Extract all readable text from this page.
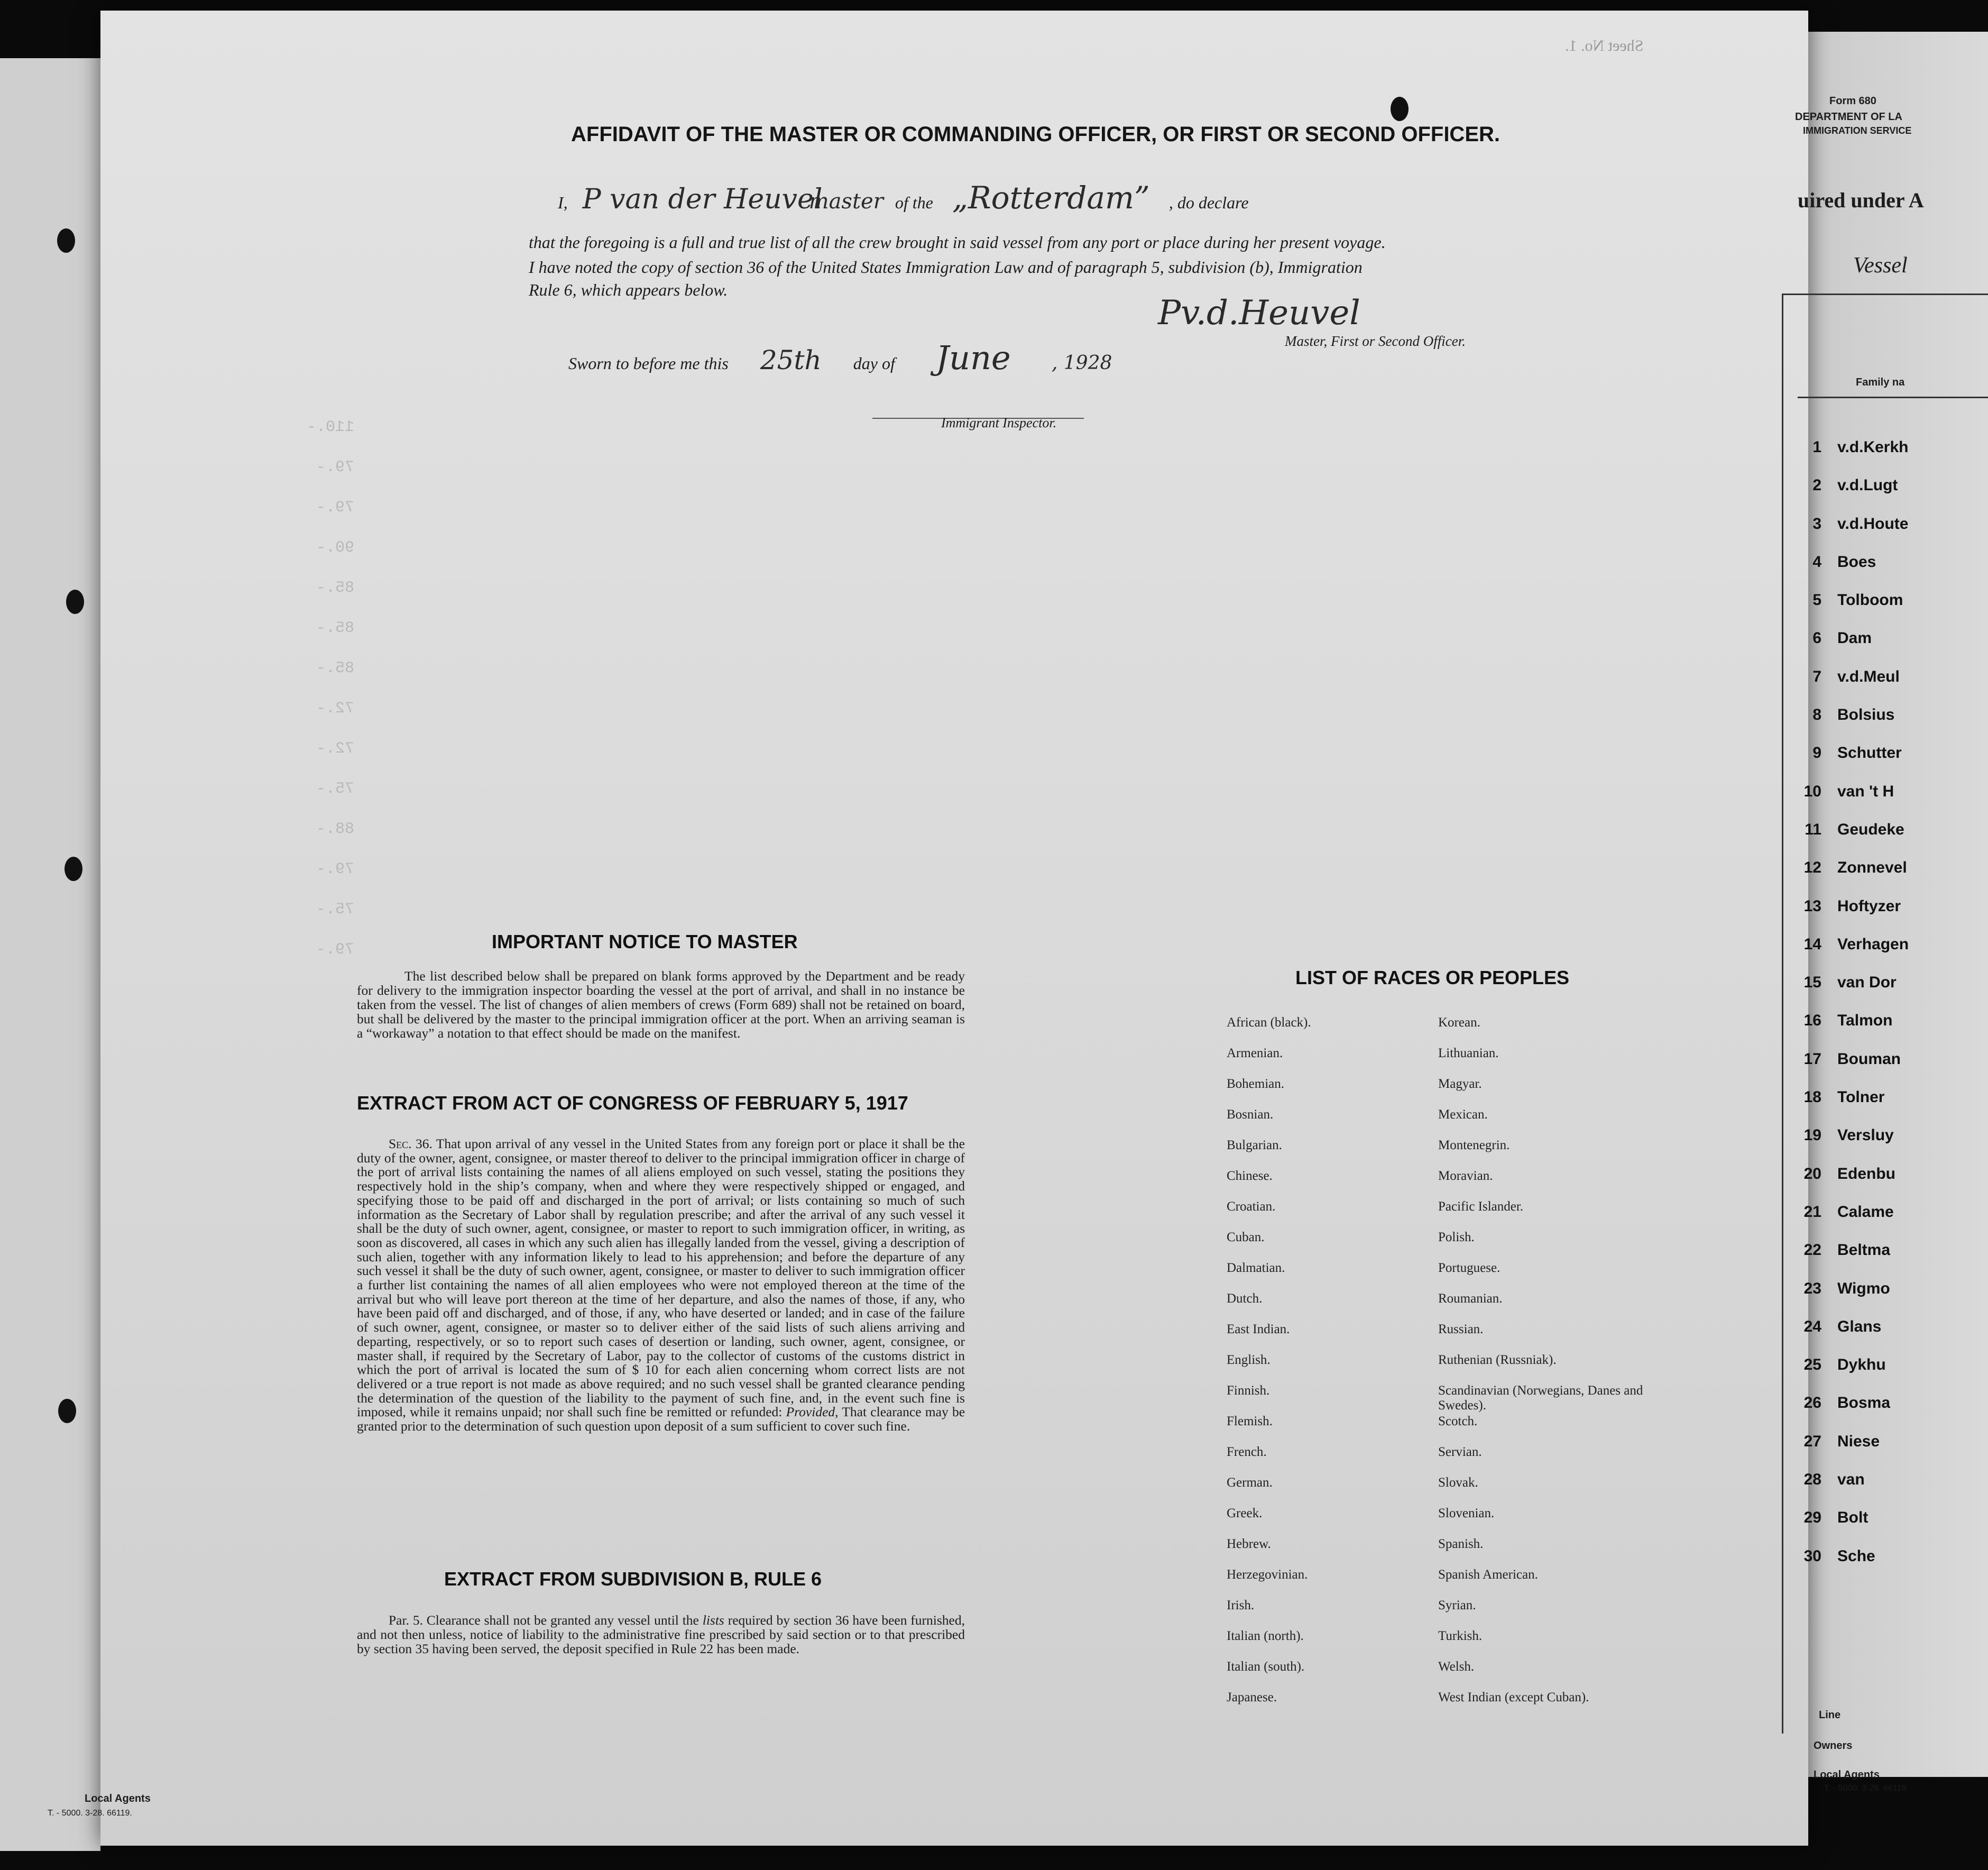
110.-
79.-
79.-
90.-
85.-
85.-
85.-
72.-
72.-
75.-
88.-
79.-
75.-
79.-
Sheet No. 1.
AFFIDAVIT OF THE MASTER OR COMMANDING OFFICER, OR FIRST OR SECOND OFFICER.
I, P van der Heuvel master of the „Rotterdam” , do declare
that the foregoing is a full and true list of all the crew brought in said vessel from any port or place during her present voyage.
I have noted the copy of section 36 of the United States Immigration Law and of paragraph 5, subdivision (b), Immigration
Rule 6, which appears below.
Pv.d.Heuvel
Master, First or Second Officer.
Sworn to before me this 25th day of June , 1928
Immigrant Inspector.
IMPORTANT NOTICE TO MASTER
The list described below shall be prepared on blank forms approved by the Department and be ready for delivery to the immigration inspector boarding the vessel at the port of arrival, and shall in no instance be taken from the vessel. The list of changes of alien members of crews (Form 689) shall not be retained on board, but shall be delivered by the master to the principal immigration officer at the port. When an arriving seaman is a “workaway” a notation to that effect should be made on the manifest.
EXTRACT FROM ACT OF CONGRESS OF FEBRUARY 5, 1917
Sec. 36. That upon arrival of any vessel in the United States from any foreign port or place it shall be the duty of the owner, agent, consignee, or master thereof to deliver to the principal immigration officer in charge of the port of arrival lists containing the names of all aliens employed on such vessel, stating the positions they respectively hold in the ship’s company, when and where they were respectively shipped or engaged, and specifying those to be paid off and discharged in the port of arrival; or lists containing so much of such information as the Secretary of Labor shall by regulation prescribe; and after the arrival of any such vessel it shall be the duty of such owner, agent, consignee, or master to report to such immigration officer, in writing, as soon as discovered, all cases in which any such alien has illegally landed from the vessel, giving a description of such alien, together with any information likely to lead to his apprehension; and before the departure of any such vessel it shall be the duty of such owner, agent, consignee, or master to deliver to such immigration officer a further list containing the names of all alien employees who were not employed thereon at the time of the arrival but who will leave port thereon at the time of her departure, and also the names of those, if any, who have been paid off and discharged, and of those, if any, who have deserted or landed; and in case of the failure of such owner, agent, consignee, or master so to deliver either of the said lists of such aliens arriving and departing, respectively, or so to report such cases of desertion or landing, such owner, agent, consignee, or master shall, if required by the Secretary of Labor, pay to the collector of customs of the customs district in which the port of arrival is located the sum of $ 10 for each alien concerning whom correct lists are not delivered or a true report is not made as above required; and no such vessel shall be granted clearance pending the determination of the question of the liability to the payment of such fine, and, in the event such fine is imposed, while it remains unpaid; nor shall such fine be remitted or refunded: Provided, That clearance may be granted prior to the determination of such question upon deposit of a sum sufficient to cover such fine.
EXTRACT FROM SUBDIVISION B, RULE 6
Par. 5. Clearance shall not be granted any vessel until the lists required by section 36 have been furnished, and not then unless, notice of liability to the administrative fine prescribed by said section or to that prescribed by section 35 having been served, the deposit specified in Rule 22 has been made.
LIST OF RACES OR PEOPLES
African (black).
Armenian.
Bohemian.
Bosnian.
Bulgarian.
Chinese.
Croatian.
Cuban.
Dalmatian.
Dutch.
East Indian.
English.
Finnish.
Flemish.
French.
German.
Greek.
Hebrew.
Herzegovinian.
Irish.
Italian (north).
Italian (south).
Japanese.
Korean.
Lithuanian.
Magyar.
Mexican.
Montenegrin.
Moravian.
Pacific Islander.
Polish.
Portuguese.
Roumanian.
Russian.
Ruthenian (Russniak).
Scandinavian (Norwegians, Danes and Swedes).
Scotch.
Servian.
Slovak.
Slovenian.
Spanish.
Spanish American.
Syrian.
Turkish.
Welsh.
West Indian (except Cuban).
Form 680
DEPARTMENT OF LA
IMMIGRATION SERVICE
uired under A
Vessel
Family na
1
2
3
4
5
6
7
8
9
10
11
12
13
14
15
16
17
18
19
20
21
22
23
24
25
26
27
28
29
30
v.d.Kerkh
v.d.Lugt
v.d.Houte
Boes
Tolboom
Dam
v.d.Meul
Bolsius
Schutter
van 't H
Geudeke
Zonnevel
Hoftyzer
Verhagen
van Dor
Talmon
Bouman
Tolner
Versluy
Edenbu
Calame
Beltma
Wigmo
Glans
Dykhu
Bosma
Niese
van
Bolt
Sche
Line
Owners
Local Agents
T. - 5000. 3-28. 66119.
Local Agents
T. - 5000. 3-28. 66119.
